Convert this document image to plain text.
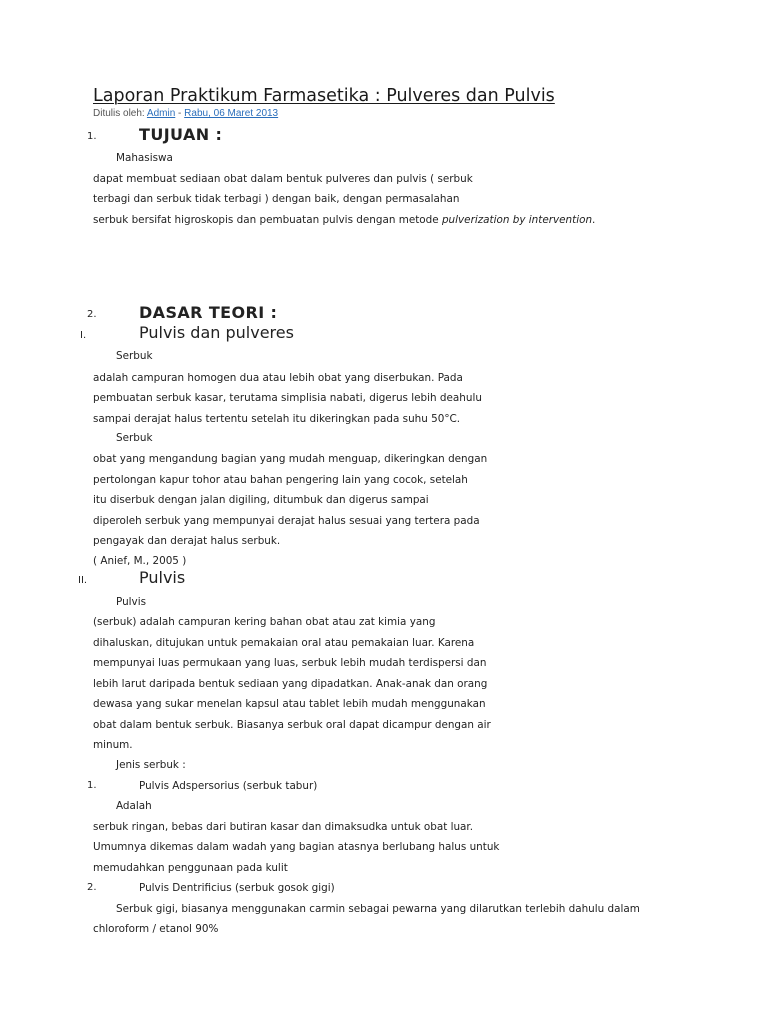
Laporan Praktikum Farmasetika : Pulveres dan Pulvis
Ditulis oleh: Admin - Rabu, 06 Maret 2013
1.	TUJUAN :
Mahasiswa
dapat membuat sediaan obat dalam bentuk pulveres dan pulvis ( serbuk
terbagi dan serbuk tidak terbagi ) dengan baik, dengan permasalahan
serbuk bersifat higroskopis dan pembuatan pulvis dengan metode pulverization by intervention.
2.	DASAR TEORI :
I.	Pulvis dan pulveres
Serbuk
adalah campuran homogen dua atau lebih obat yang diserbukan. Pada
pembuatan serbuk kasar, terutama simplisia nabati, digerus lebih deahulu
sampai derajat halus tertentu setelah itu dikeringkan pada suhu 50°C.
Serbuk
obat yang mengandung bagian yang mudah menguap, dikeringkan dengan
pertolongan kapur tohor atau bahan pengering lain yang cocok, setelah
itu diserbuk dengan jalan digiling, ditumbuk dan digerus sampai
diperoleh serbuk yang mempunyai derajat halus sesuai yang tertera pada
pengayak dan derajat halus serbuk.
( Anief, M., 2005 )
II.	Pulvis
Pulvis
(serbuk) adalah campuran kering bahan obat atau zat kimia yang
dihaluskan, ditujukan untuk pemakaian oral atau pemakaian luar. Karena
mempunyai luas permukaan yang luas, serbuk lebih mudah terdispersi dan
lebih larut daripada bentuk sediaan yang dipadatkan. Anak-anak dan orang
dewasa yang sukar menelan kapsul atau tablet lebih mudah menggunakan
obat dalam bentuk serbuk. Biasanya serbuk oral dapat dicampur dengan air
minum.
Jenis serbuk :
1.	Pulvis Adspersorius (serbuk tabur)
Adalah
serbuk ringan, bebas dari butiran kasar dan dimaksudka untuk obat luar.
Umumnya dikemas dalam wadah yang bagian atasnya berlubang halus untuk
memudahkan penggunaan pada kulit
2.	Pulvis Dentrificius (serbuk gosok gigi)
Serbuk gigi, biasanya menggunakan carmin sebagai pewarna yang dilarutkan terlebih dahulu dalam
chloroform / etanol 90%
